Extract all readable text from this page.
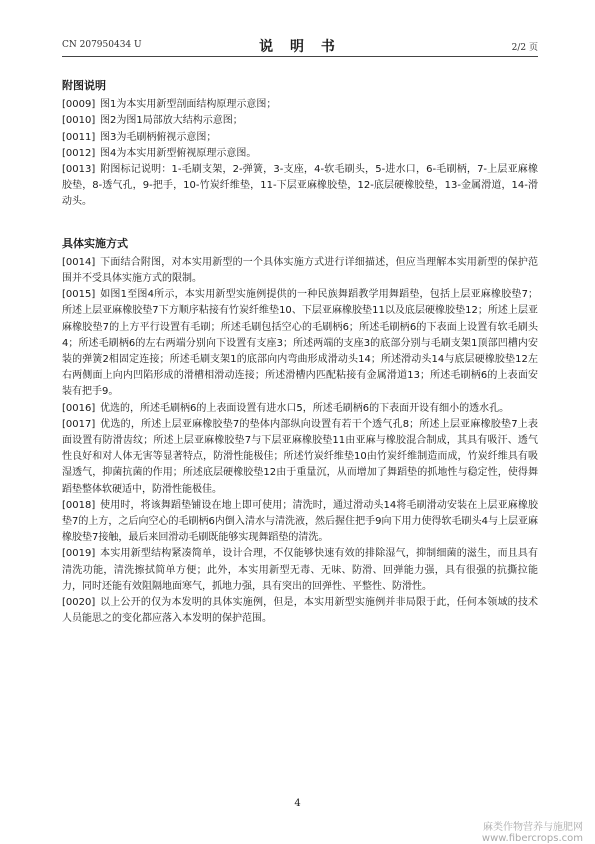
CN 207950434 U	说 明 书	2/2 页
附图说明

[0009] 图1为本实用新型剖面结构原理示意图；

[0010] 图2为图1局部放大结构示意图；

[0011] 图3为毛刷柄俯视示意图；

[0012] 图4为本实用新型俯视原理示意图。

[0013] 附图标记说明：1-毛刷支架，2-弹簧，3-支座，4-软毛刷头，5-进水口，6-毛刷柄，7-上层亚麻橡胶垫，8-透气孔，9-把手，10-竹炭纤维垫，11-下层亚麻橡胶垫，12-底层硬橡胶垫，13-金属滑道，14-滑动头。

具体实施方式

[0014] 下面结合附图，对本实用新型的一个具体实施方式进行详细描述，但应当理解本实用新型的保护范围并不受具体实施方式的限制。

[0015] 如图1至图4所示，本实用新型实施例提供的一种民族舞蹈教学用舞蹈垫，包括上层亚麻橡胶垫7；所述上层亚麻橡胶垫7下方顺序粘接有竹炭纤维垫10、下层亚麻橡胶垫11以及底层硬橡胶垫12；所述上层亚麻橡胶垫7的上方平行设置有毛刷；所述毛刷包括空心的毛刷柄6；所述毛刷柄6的下表面上设置有软毛刷头4；所述毛刷柄6的左右两端分别向下设置有支座3；所述两端的支座3的底部分别与毛刷支架1顶部凹槽内安装的弹簧2相固定连接；所述毛刷支架1的底部向内弯曲形成滑动头14；所述滑动头14与底层硬橡胶垫12左右两侧面上向内凹陷形成的滑槽相滑动连接；所述滑槽内匹配粘接有金属滑道13；所述毛刷柄6的上表面安装有把手9。

[0016] 优选的，所述毛刷柄6的上表面设置有进水口5，所述毛刷柄6的下表面开设有细小的透水孔。

[0017] 优选的，所述上层亚麻橡胶垫7的垫体内部纵向设置有若干个透气孔8；所述上层亚麻橡胶垫7上表面设置有防滑齿纹；所述上层亚麻橡胶垫7与下层亚麻橡胶垫11由亚麻与橡胶混合制成，其具有吸汗、透气性良好和对人体无害等显著特点，防滑性能极佳；所述竹炭纤维垫10由竹炭纤维制造而成，竹炭纤维具有吸湿透气，抑菌抗菌的作用；所述底层硬橡胶垫12由于重量沉，从而增加了舞蹈垫的抓地性与稳定性，使得舞蹈垫整体软硬适中，防滑性能极佳。

[0018] 使用时，将该舞蹈垫铺设在地上即可使用；清洗时，通过滑动头14将毛刷滑动安装在上层亚麻橡胶垫7的上方，之后向空心的毛刷柄6内倒入清水与清洗液，然后握住把手9向下用力使得软毛刷头4与上层亚麻橡胶垫7接触，最后来回滑动毛刷既能够实现舞蹈垫的清洗。

[0019] 本实用新型结构紧凑简单，设计合理，不仅能够快速有效的排除湿气，抑制细菌的滋生，而且具有清洗功能，清洗擦拭简单方便；此外，本实用新型无毒、无味、防滑、回弹能力强，具有很强的抗撕拉能力，同时还能有效阻隔地面寒气，抓地力强，具有突出的回弹性、平整性、防滑性。

[0020] 以上公开的仅为本发明的具体实施例，但是，本实用新型实施例并非局限于此，任何本领域的技术人员能思之的变化都应落入本发明的保护范围。

4
麻类作物营养与施肥网
www.fibercrops.com
